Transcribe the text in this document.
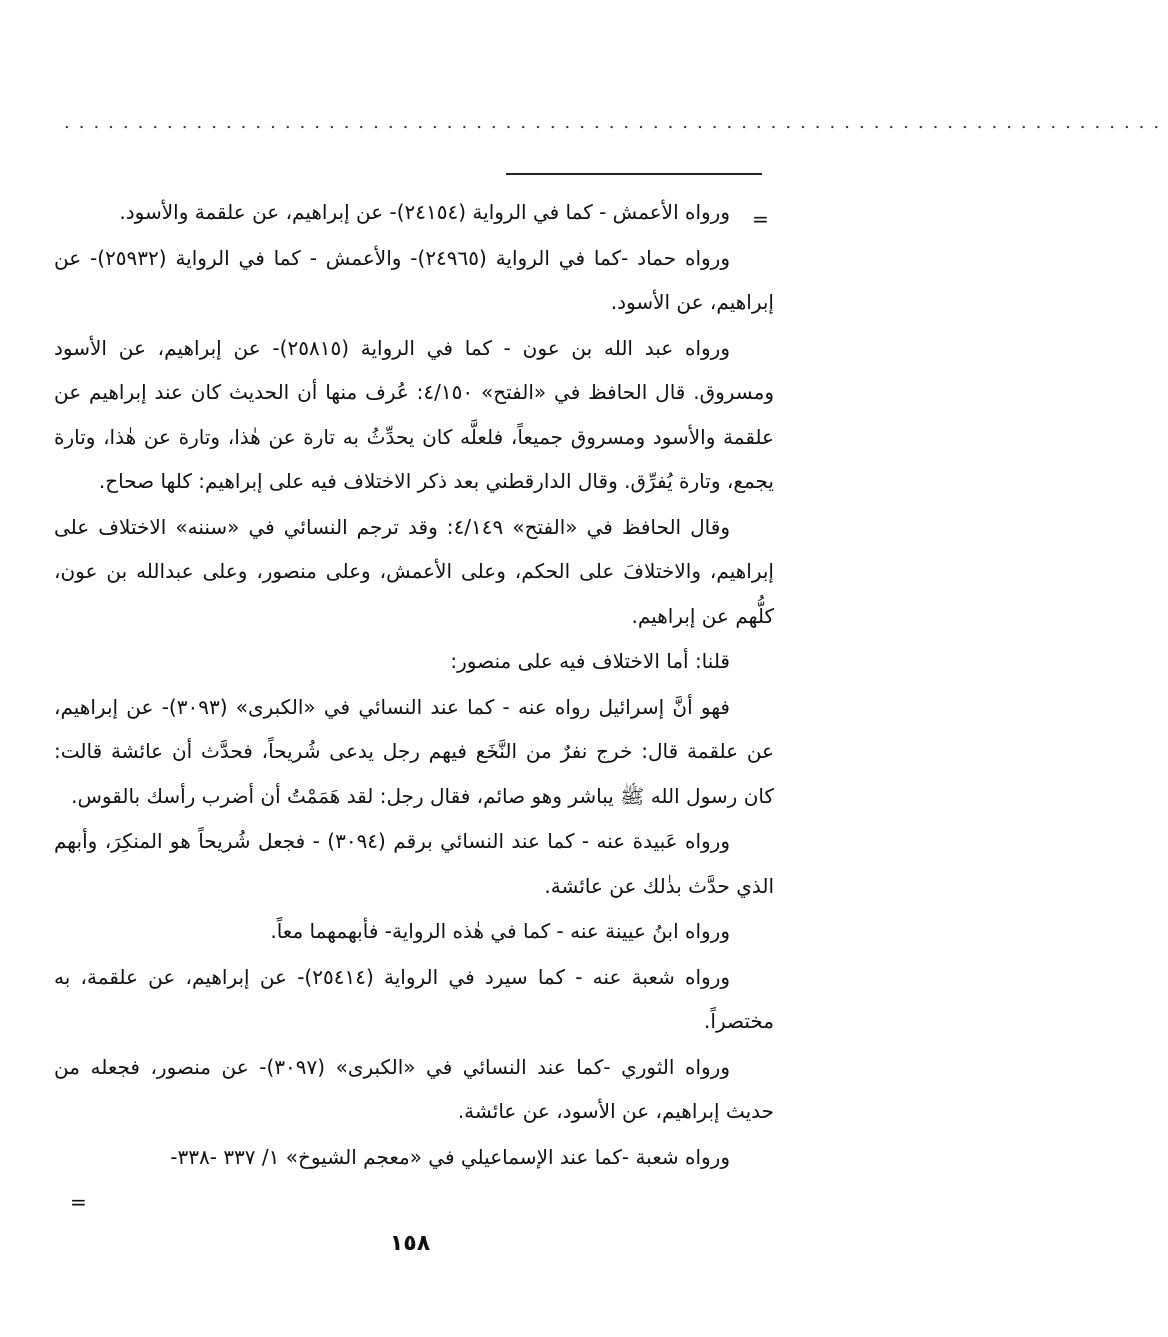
...........................................................................
=

ورواه الأعمش - كما في الرواية (٢٤١٥٤)- عن إبراهيم، عن علقمة والأسود.

ورواه حماد -كما في الرواية (٢٤٩٦٥)- والأعمش - كما في الرواية (٢٥٩٣٢)- عن إبراهيم، عن الأسود.

ورواه عبد الله بن عون - كما في الرواية (٢٥٨١٥)- عن إبراهيم، عن الأسود ومسروق. قال الحافظ في «الفتح» ٤/١٥٠: عُرف منها أن الحديث كان عند إبراهيم عن علقمة والأسود ومسروق جميعاً، فلعلَّه كان يحدِّثُ به تارة عن هٰذا، وتارة عن هٰذا، وتارة يجمع، وتارة يُفرِّق. وقال الدارقطني بعد ذكر الاختلاف فيه على إبراهيم: كلها صحاح.

وقال الحافظ في «الفتح» ٤/١٤٩: وقد ترجم النسائي في «سننه» الاختلاف على إبراهيم، والاختلافَ على الحكم، وعلى الأعمش، وعلى منصور، وعلى عبدالله بن عون، كلُّهم عن إبراهيم.

قلنا: أما الاختلاف فيه على منصور:

فهو أنَّ إسرائيل رواه عنه - كما عند النسائي في «الكبرى» (٣٠٩٣)- عن إبراهيم، عن علقمة قال: خرج نفرٌ من النَّخَع فيهم رجل يدعى شُريحاً، فحدَّث أن عائشة قالت: كان رسول الله ﷺ يباشر وهو صائم، فقال رجل: لقد هَمَمْتُ أن أضرب رأسك بالقوس.

ورواه عَبيدة عنه - كما عند النسائي برقم (٣٠٩٤) - فجعل شُريحاً هو المنكِرَ، وأبهم الذي حدَّث بذٰلك عن عائشة.

ورواه ابنُ عيينة عنه - كما في هٰذه الرواية- فأبهمهما معاً.

ورواه شعبة عنه - كما سيرد في الرواية (٢٥٤١٤)- عن إبراهيم، عن علقمة، به مختصراً.

ورواه الثوري -كما عند النسائي في «الكبرى» (٣٠٩٧)- عن منصور، فجعله من حديث إبراهيم، عن الأسود، عن عائشة.

ورواه شعبة -كما عند الإسماعيلي في «معجم الشيوخ» ١/ ٣٣٧ -٣٣٨-

=
١٥٨
